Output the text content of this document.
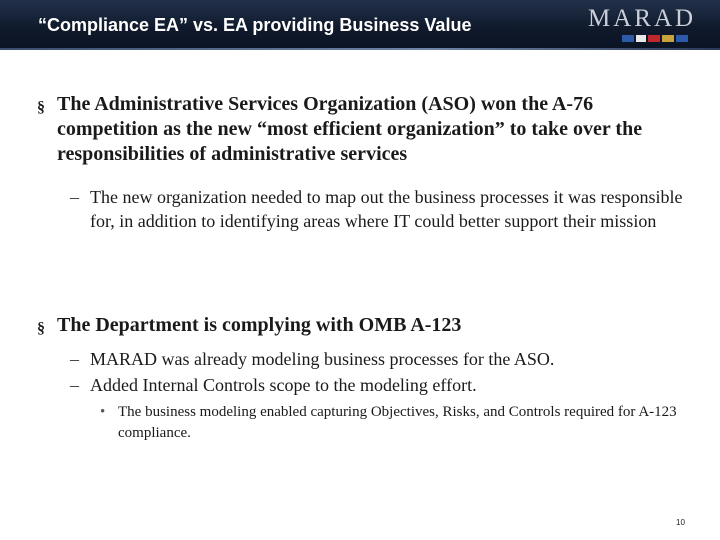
“Compliance EA” vs. EA providing Business Value	MARAD
§ The Administrative Services Organization (ASO) won the A-76 competition as the new “most efficient organization” to take over the responsibilities of administrative services
– The new organization needed to map out the business processes it was responsible for, in addition to identifying areas where IT could better support their mission
§ The Department is complying with OMB A-123
– MARAD was already modeling business processes for the ASO.
– Added Internal Controls scope to the modeling effort.
• The business modeling enabled capturing Objectives, Risks, and Controls required for A-123 compliance.
10
